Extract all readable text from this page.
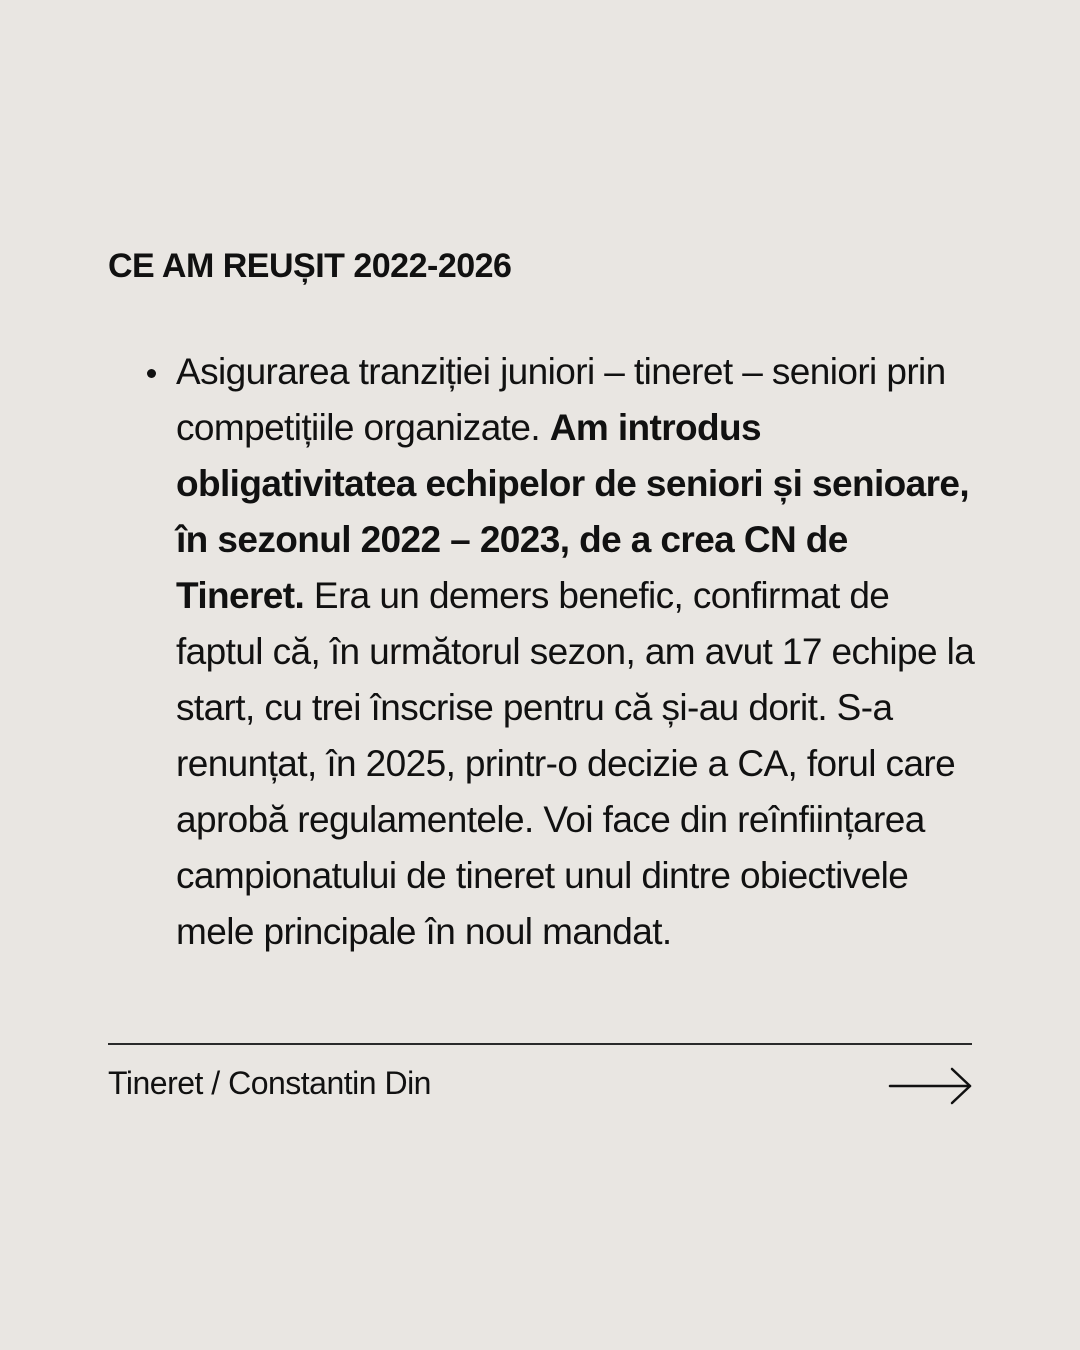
CE AM REUȘIT 2022-2026
Asigurarea tranziției juniori – tineret – seniori prin competițiile organizate. Am introdus obligativitatea echipelor de seniori și senioare, în sezonul 2022 – 2023, de a crea CN de Tineret. Era un demers benefic, confirmat de faptul că, în următorul sezon, am avut 17 echipe la start, cu trei înscrise pentru că și-au dorit. S-a renunțat, în 2025, printr-o decizie a CA, forul care aprobă regulamentele. Voi face din reînființarea campionatului de tineret unul dintre obiectivele mele principale în noul mandat.
Tineret / Constantin Din
